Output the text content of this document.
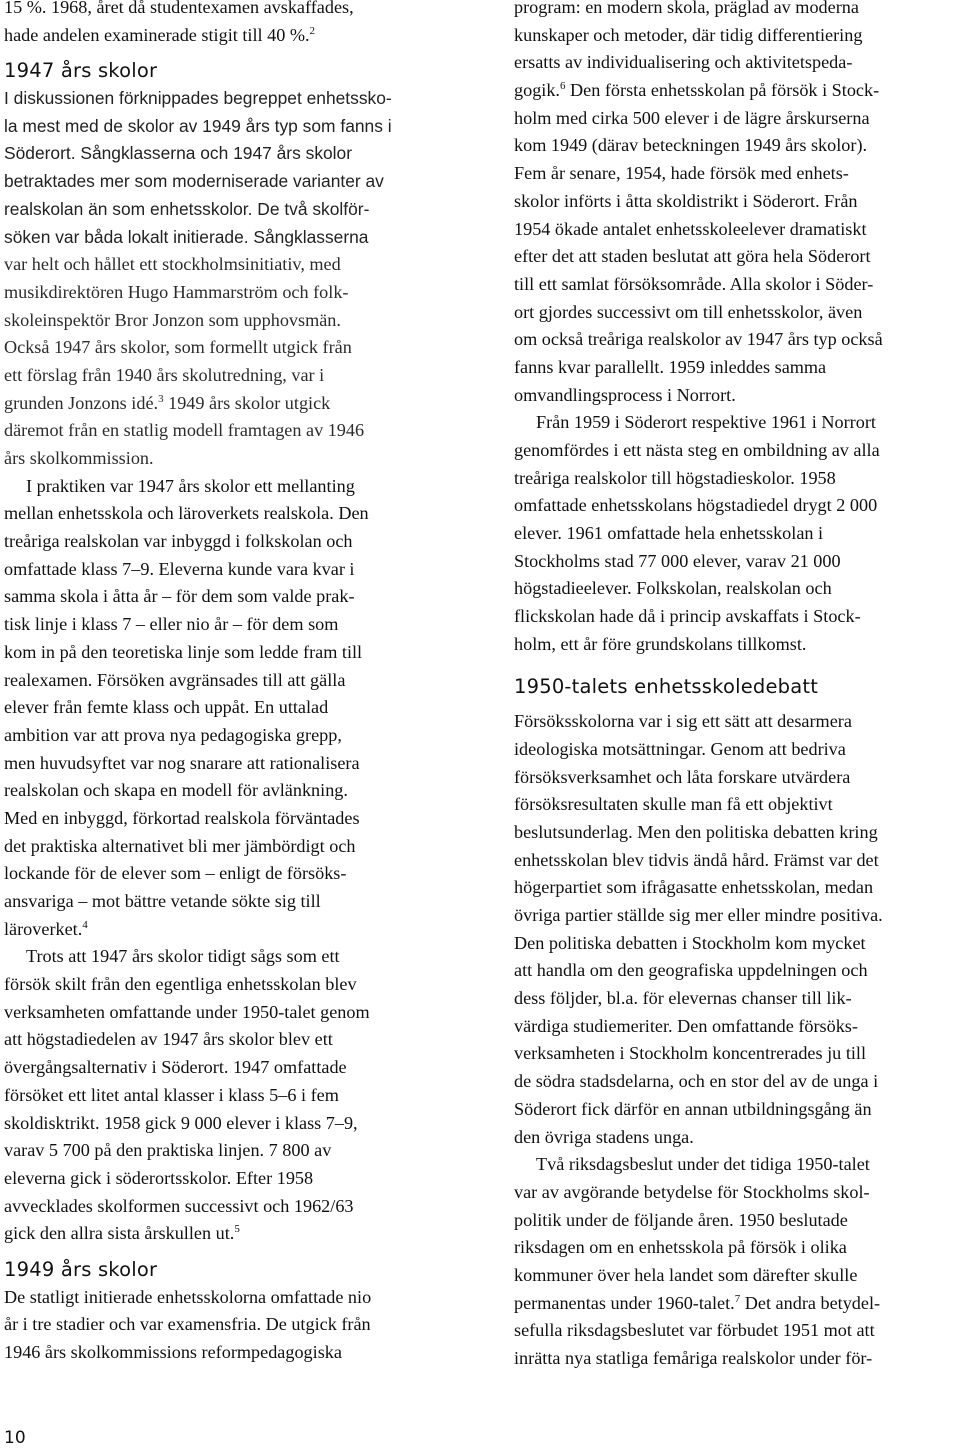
15 %. 1968, året då studentexamen avskaffades,
hade andelen examinerade stigit till 40 %.$^2$
1947 års skolor
I diskussionen förknippades begreppet enhetssko-
la mest med de skolor av 1949 års typ som fanns i
Söderort. Sångklasserna och 1947 års skolor
betraktades mer som moderniserade varianter av
realskolan än som enhetsskolor. De två skolför-
söken var båda lokalt initierade. Sångklasserna
var helt och hållet ett stockholmsinitiativ, med
musikdirektören Hugo Hammarström och folk-
skoleinspektör Bror Jonzon som upphovsmän.
Också 1947 års skolor, som formellt utgick från
ett förslag från 1940 års skolutredning, var i
grunden Jonzons idé.$^3$ 1949 års skolor utgick
däremot från en statlig modell framtagen av 1946
års skolkommission.
I praktiken var 1947 års skolor ett mellanting
mellan enhetsskola och läroverkets realskola. Den
treåriga realskolan var inbyggd i folkskolan och
omfattade klass 7–9. Eleverna kunde vara kvar i
samma skola i åtta år – för dem som valde prak-
tisk linje i klass 7 – eller nio år – för dem som
kom in på den teoretiska linje som ledde fram till
realexamen. Försöken avgränsades till att gälla
elever från femte klass och uppåt. En uttalad
ambition var att prova nya pedagogiska grepp,
men huvudsyftet var nog snarare att rationalisera
realskolan och skapa en modell för avlänkning.
Med en inbyggd, förkortad realskola förväntades
det praktiska alternativet bli mer jämbördigt och
lockande för de elever som – enligt de försöks-
ansvariga – mot bättre vetande sökte sig till
läroverket.$^4$
Trots att 1947 års skolor tidigt sågs som ett
försök skilt från den egentliga enhetsskolan blev
verksamheten omfattande under 1950-talet genom
att högstadiedelen av 1947 års skolor blev ett
övergångsalternativ i Söderort. 1947 omfattade
försöket ett litet antal klasser i klass 5–6 i fem
skoldisktrikt. 1958 gick 9 000 elever i klass 7–9,
varav 5 700 på den praktiska linjen. 7 800 av
eleverna gick i söderortsskolor. Efter 1958
avvecklades skolformen successivt och 1962/63
gick den allra sista årskullen ut.$^5$
1949 års skolor
De statligt initierade enhetsskolorna omfattade nio
år i tre stadier och var examensfria. De utgick från
1946 års skolkommissions reformpedagogiska
program: en modern skola, präglad av moderna
kunskaper och metoder, där tidig differentiering
ersatts av individualisering och aktivitetspeda-
gogik.$^6$ Den första enhetsskolan på försök i Stock-
holm med cirka 500 elever i de lägre årskurserna
kom 1949 (därav beteckningen 1949 års skolor).
Fem år senare, 1954, hade försök med enhets-
skolor införts i åtta skoldistrikt i Söderort. Från
1954 ökade antalet enhetsskoleelever dramatiskt
efter det att staden beslutat att göra hela Söderort
till ett samlat försöksområde. Alla skolor i Söder-
ort gjordes successivt om till enhetsskolor, även
om också treåriga realskolor av 1947 års typ också
fanns kvar parallellt. 1959 inleddes samma
omvandlingsprocess i Norrort.
Från 1959 i Söderort respektive 1961 i Norrort
genomfördes i ett nästa steg en ombildning av alla
treåriga realskolor till högstadieskolor. 1958
omfattade enhetsskolans högstadiedel drygt 2 000
elever. 1961 omfattade hela enhetsskolan i
Stockholms stad 77 000 elever, varav 21 000
högstadieelever. Folkskolan, realskolan och
flickskolan hade då i princip avskaffats i Stock-
holm, ett år före grundskolans tillkomst.
1950-talets enhetsskoledebatt
Försöksskolorna var i sig ett sätt att desarmera
ideologiska motsättningar. Genom att bedriva
försöksverksamhet och låta forskare utvärdera
försöksresultaten skulle man få ett objektivt
beslutsunderlag. Men den politiska debatten kring
enhetsskolan blev tidvis ändå hård. Främst var det
högerpartiet som ifrågasatte enhetsskolan, medan
övriga partier ställde sig mer eller mindre positiva.
Den politiska debatten i Stockholm kom mycket
att handla om den geografiska uppdelningen och
dess följder, bl.a. för elevernas chanser till lik-
värdiga studiemeriter. Den omfattande försöks-
verksamheten i Stockholm koncentrerades ju till
de södra stadsdelarna, och en stor del av de unga i
Söderort fick därför en annan utbildningsgång än
den övriga stadens unga.
Två riksdagsbeslut under det tidiga 1950-talet
var av avgörande betydelse för Stockholms skol-
politik under de följande åren. 1950 beslutade
riksdagen om en enhetsskola på försök i olika
kommuner över hela landet som därefter skulle
permanentas under 1960-talet.$^7$ Det andra betydel-
sefulla riksdagsbeslutet var förbudet 1951 mot att
inrätta nya statliga femåriga realskolor under för-
10
